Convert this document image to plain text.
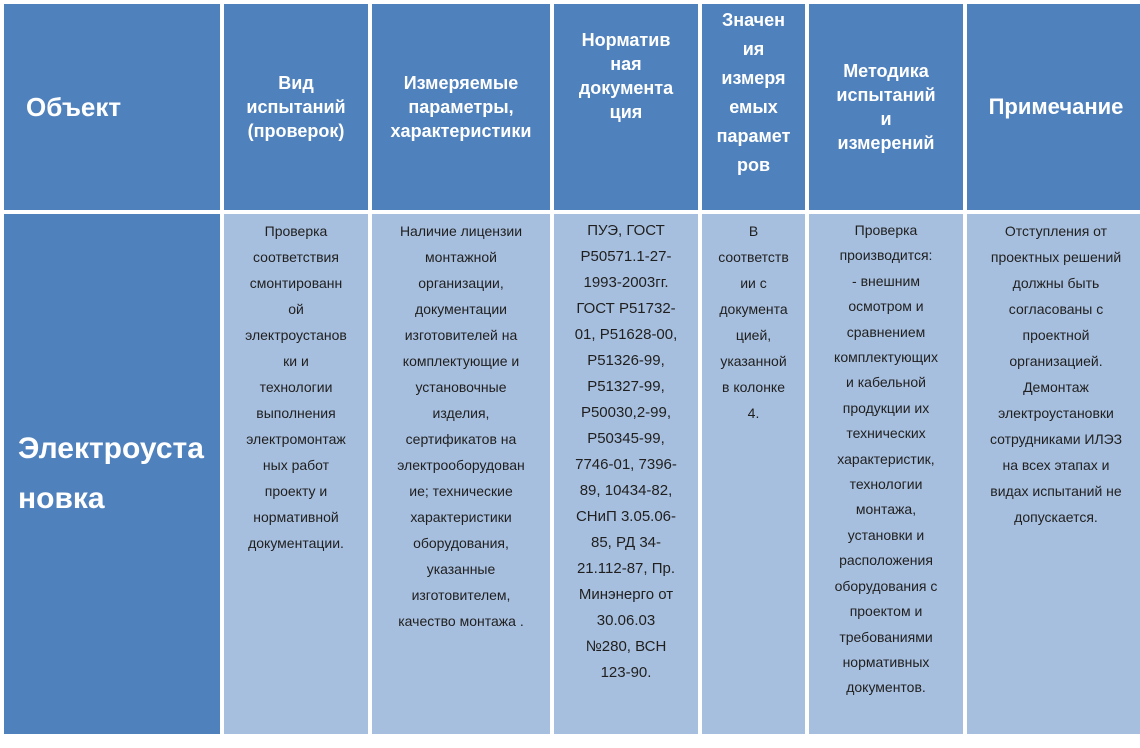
Объект
Вид
испытаний
(проверок)
Измеряемые
параметры,
характеристики
Норматив
ная
документа
ция
Значен
ия
измеря
емых
парамет
ров
Методика
испытаний
и
измерений
Примечание
Электроуста
новка
Проверка
соответствия
смонтированн
ой
электроустанов
ки и
технологии
выполнения
электромонтаж
ных работ
проекту и
нормативной
документации.
Наличие лицензии
монтажной
организации,
документации
изготовителей на
комплектующие и
установочные
изделия,
сертификатов на
электрооборудован
ие; технические
характеристики
оборудования,
указанные
изготовителем,
качество монтажа .
ПУЭ, ГОСТ
Р50571.1-27-
1993-2003гг.
ГОСТ Р51732-
01, Р51628-00,
Р51326-99,
Р51327-99,
Р50030,2-99,
Р50345-99,
7746-01, 7396-
89, 10434-82,
СНиП 3.05.06-
85, РД 34-
21.112-87, Пр.
Минэнерго от
30.06.03
№280, ВСН
123-90.
В
соответств
ии с
документа
цией,
указанной
в колонке
4.
Проверка
производится:
- внешним
осмотром и
сравнением
комплектующих
и кабельной
продукции их
технических
характеристик,
технологии
монтажа,
установки и
расположения
оборудования с
проектом и
требованиями
нормативных
документов.
Отступления от
проектных решений
должны быть
согласованы с
проектной
организацией.
Демонтаж
электроустановки
сотрудниками ИЛЭЗ
на всех этапах и
видах испытаний не
допускается.
